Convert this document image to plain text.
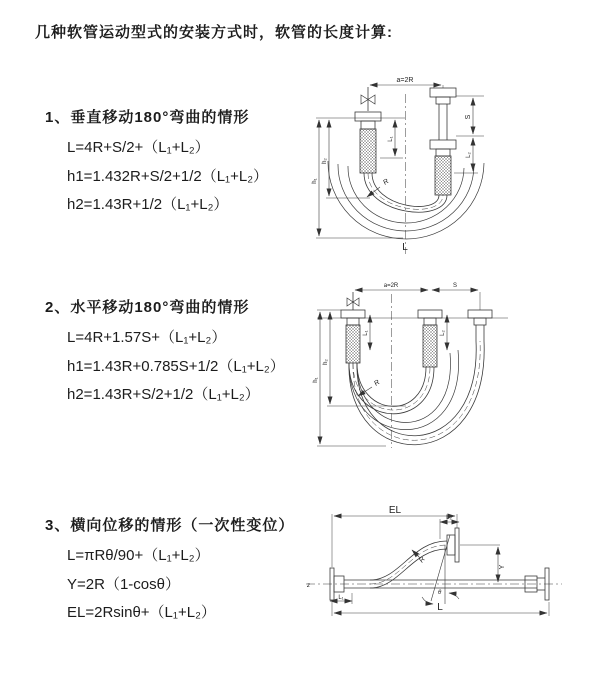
几种软管运动型式的安装方式时，软管的长度计算:
1、垂直移动180°弯曲的情形
L=4R+S/2+（L₁+L₂）
h1=1.432R+S/2+1/2（L₁+L₂）
h2=1.43R+1/2（L₁+L₂）
2、水平移动180°弯曲的情形
L=4R+1.57S+（L₁+L₂）
h1=1.43R+0.785S+1/2（L₁+L₂）
h2=1.43R+S/2+1/2（L₁+L₂）
3、横向位移的情形（一次性变位）
L=πRθ/90+（L₁+L₂）
Y=2R（1-cosθ）
EL=2Rsinθ+（L₁+L₂）
a=2R
h₁
h₂
L₁
S
L₂
R
L
a=2R	S
h₁
h₂
L₁	L₂
R
EL
L₂
Y
L
L₁
R
θ
z
